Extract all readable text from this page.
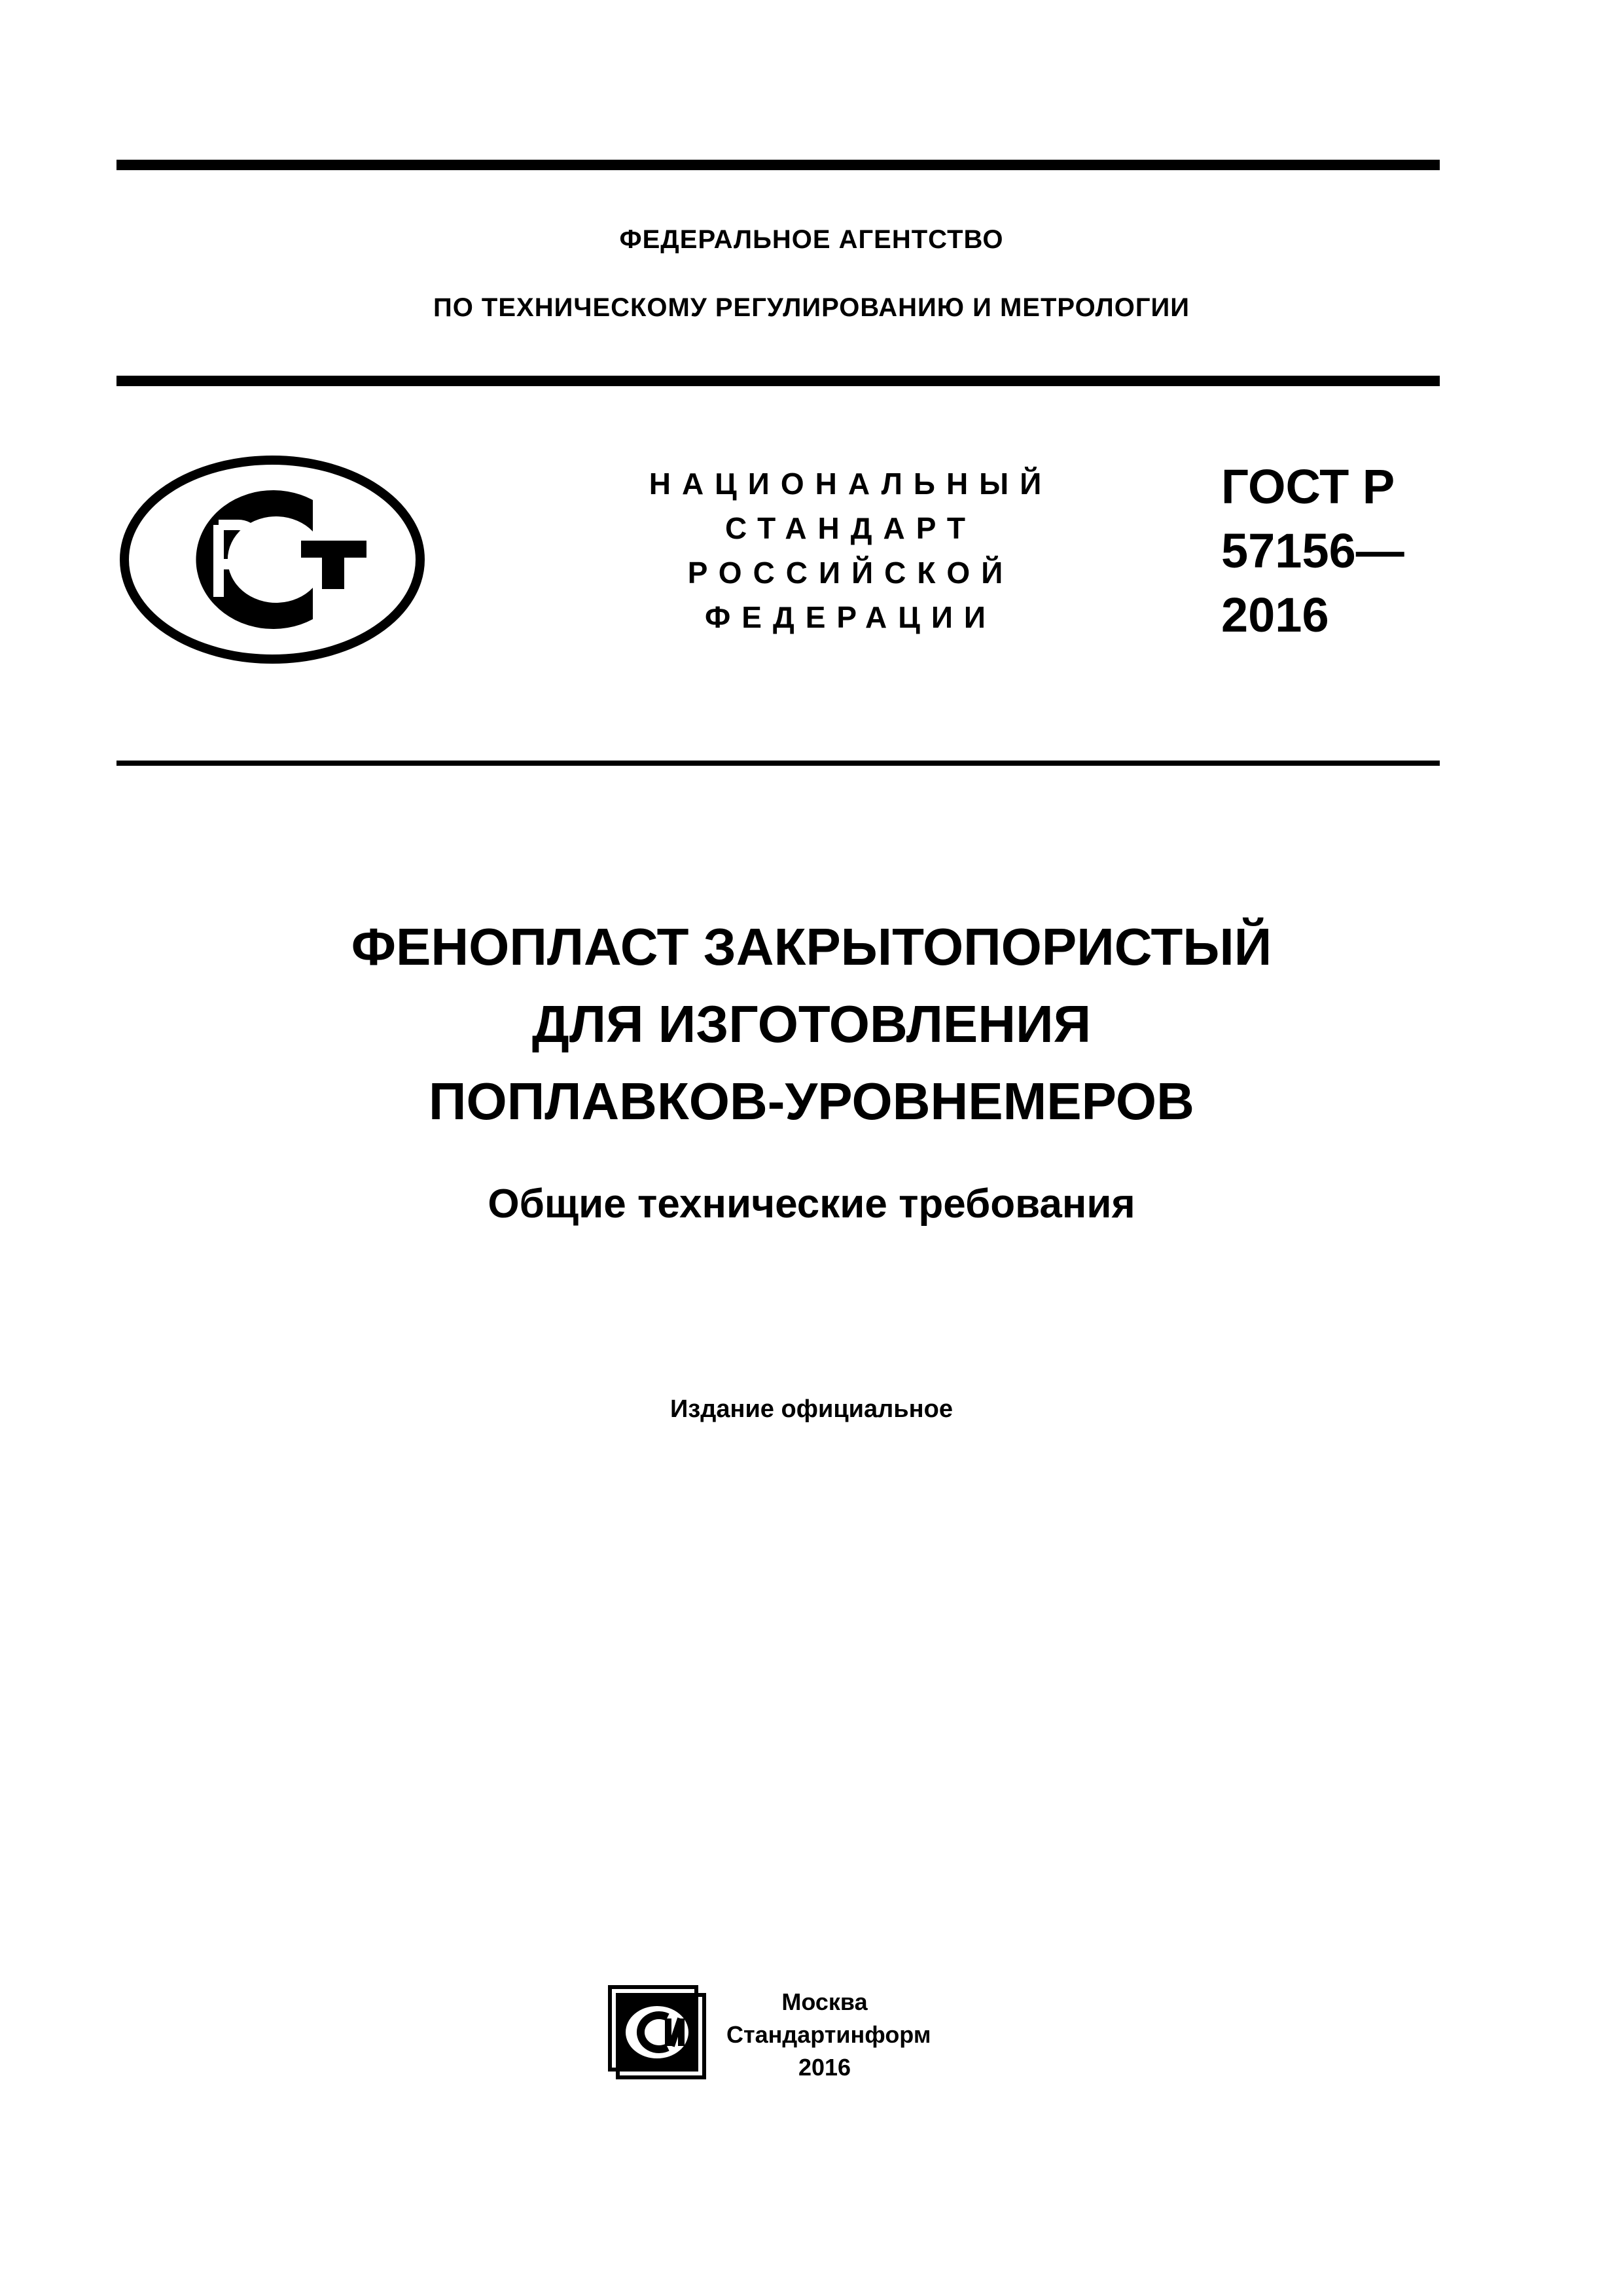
ФЕДЕРАЛЬНОЕ АГЕНТСТВО
ПО ТЕХНИЧЕСКОМУ РЕГУЛИРОВАНИЮ И МЕТРОЛОГИИ
НАЦИОНАЛЬНЫЙ
СТАНДАРТ
РОССИЙСКОЙ
ФЕДЕРАЦИИ
ГОСТ Р
57156—
2016
ФЕНОПЛАСТ ЗАКРЫТОПОРИСТЫЙ
ДЛЯ ИЗГОТОВЛЕНИЯ
ПОПЛАВКОВ-УРОВНЕМЕРОВ
Общие технические требования
Издание официальное
Москва
Стандартинформ
2016
